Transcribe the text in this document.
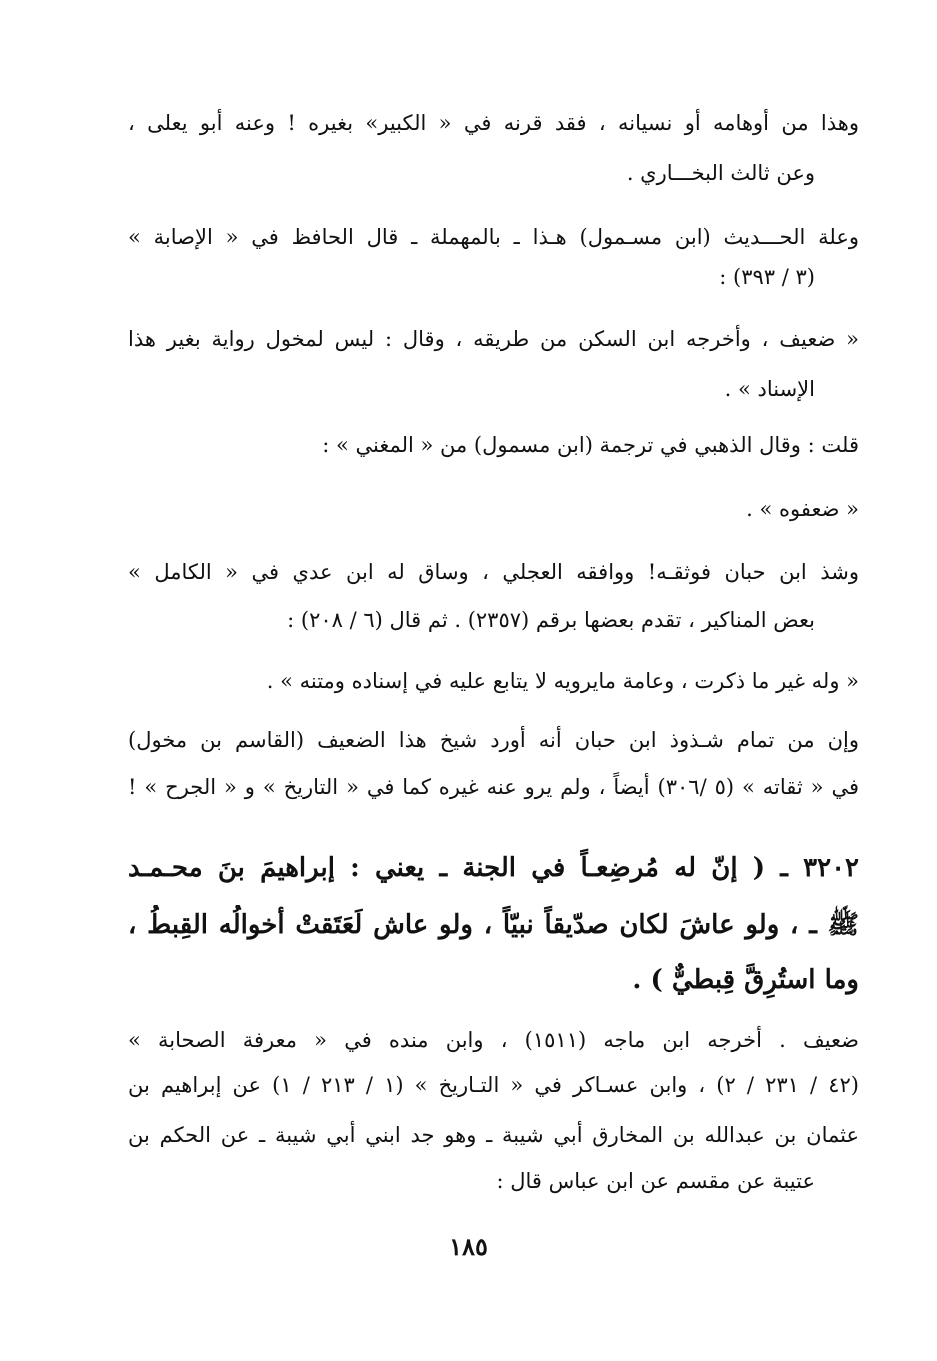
وهذا من أوهامه أو نسيانه ، فقد قرنه في « الكبير» بغيره ! وعنه أبو يعلى ،
وعن ثالث البخـــاري .
وعلة الحـــديث (ابن مسـمول) هـذا ـ بالمهملة ـ قال الحافظ في « الإصابة »
(٣ / ٣٩٣) :
« ضعيف ، وأخرجه ابن السكن من طريقه ، وقال : ليس لمخول رواية بغير هذا
الإسناد » .
قلت : وقال الذهبي في ترجمة (ابن مسمول) من « المغني » :
« ضعفوه » .
وشذ ابن حبان فوثقـه! ووافقه العجلي ، وساق له ابن عدي في « الكامل »
بعض المناكير ، تقدم بعضها برقم (٢٣٥٧) . ثم قال (٦ / ٢٠٨) :
« وله غير ما ذكرت ، وعامة مايرويه لا يتابع عليه في إسناده ومتنه » .
وإن من تمام شـذوذ ابن حبان أنه أورد شيخ هذا الضعيف (القاسم بن مخول)
في « ثقاته » (٥ /٣٠٦) أيضاً ، ولم يرو عنه غيره كما في « التاريخ » و « الجرح » !
٣٢٠٢ ـ ( إنّ له مُرضِعـاً في الجنة ـ يعني : إبراهيمَ بنَ محـمـد
ﷺ ـ ، ولو عاشَ لكان صدّيقاً نبيّاً ، ولو عاش لَعَتَقتْ أخوالُه القِبطُ ،
وما استُرِقَّ قِبطيٌّ ) .
ضعيف . أخرجه ابن ماجه (١٥١١) ، وابن منده في « معرفة الصحابة »
(٤٢ / ٢٣١ / ٢) ، وابن عسـاكر في « التـاريخ » (١ / ٢١٣ / ١) عن إبراهيم بن
عثمان بن عبدالله بن المخارق أبي شيبة ـ وهو جد ابني أبي شيبة ـ عن الحكم بن
عتيبة عن مقسم عن ابن عباس قال :
١٨٥
